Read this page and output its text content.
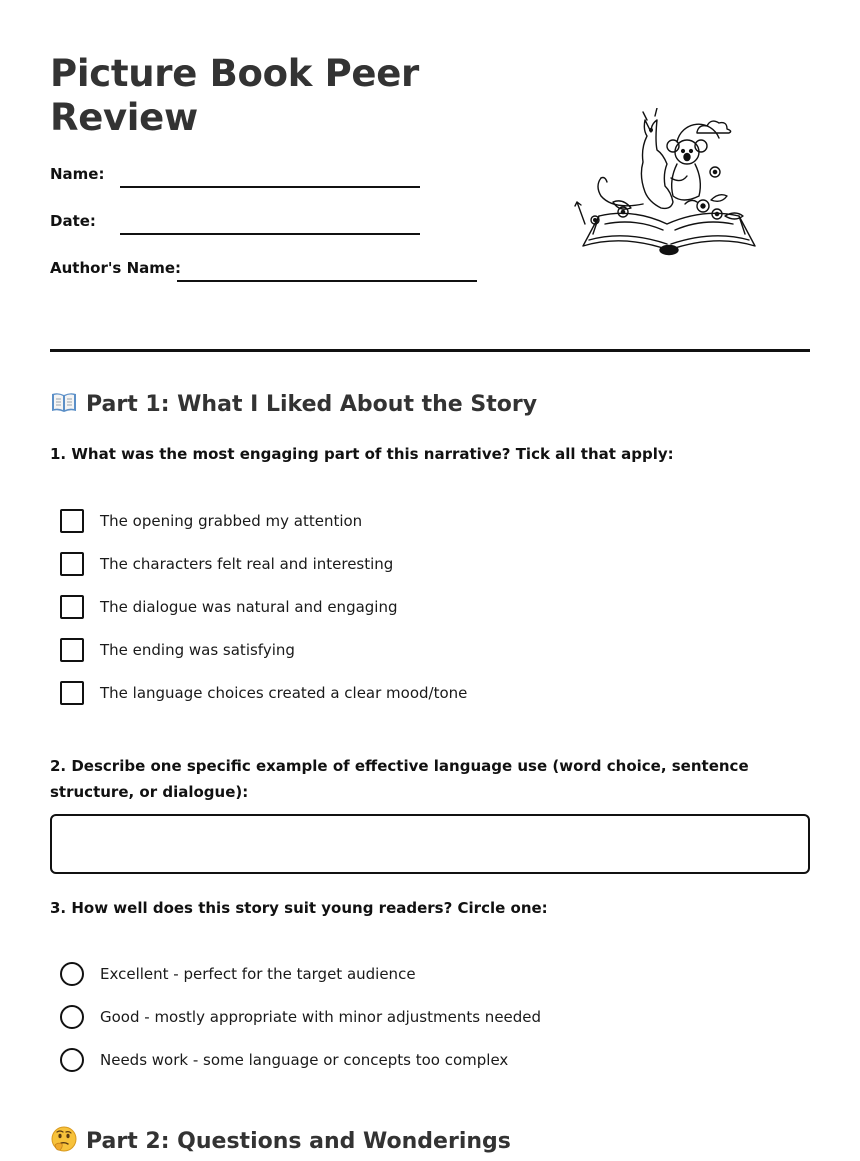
Picture Book Peer Review
Name:
Date:
Author's Name:
Part 1: What I Liked About the Story

1. What was the most engaging part of this narrative? Tick all that apply:

The opening grabbed my attention
The characters felt real and interesting
The dialogue was natural and engaging
The ending was satisfying
The language choices created a clear mood/tone

2. Describe one specific example of effective language use (word choice, sentence structure, or dialogue):

3. How well does this story suit young readers? Circle one:

Excellent - perfect for the target audience
Good - mostly appropriate with minor adjustments needed
Needs work - some language or concepts too complex
Part 2: Questions and Wonderings
